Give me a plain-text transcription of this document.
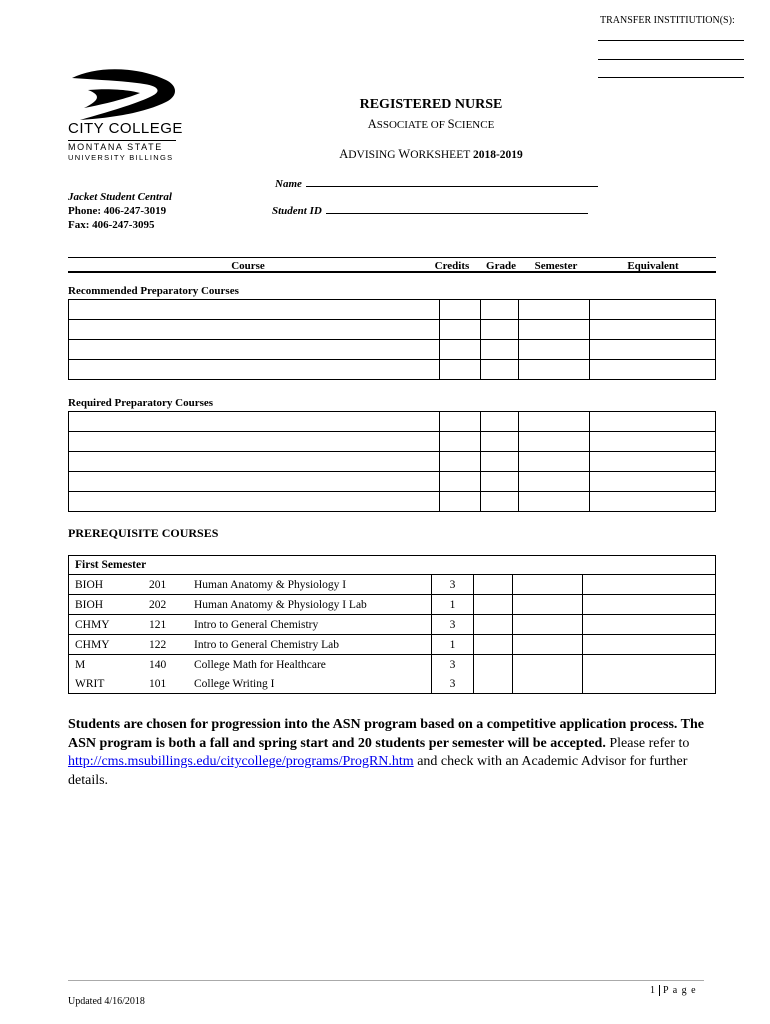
TRANSFER INSTITIUTION(S):
CITY COLLEGE
MONTANA STATE
UNIVERSITY BILLINGS
REGISTERED NURSE
ASSOCIATE OF SCIENCE
ADVISING WORKSHEET 2018-2019
Name
Student ID
Jacket Student Central
Phone: 406-247-3019
Fax: 406-247-3095
Course	Credits	Grade	Semester	Equivalent
Recommended Preparatory Courses

Required Preparatory Courses

PREREQUISITE COURSES
First Semester						
BIOH	201	Human Anatomy & Physiology I	3			
BIOH	202	Human Anatomy & Physiology I Lab	1			
CHMY	121	Intro to General Chemistry	3			
CHMY	122	Intro to General Chemistry Lab	1			
M	140	College Math for Healthcare	3			
WRIT	101	College Writing I	3			
Students are chosen for progression into the ASN program based on a competitive application process. The ASN program is both a fall and spring start and 20 students per semester will be accepted. Please refer to http://cms.msubillings.edu/citycollege/programs/ProgRN.htm and check with an Academic Advisor for further details.
1 P a g e
Updated 4/16/2018
